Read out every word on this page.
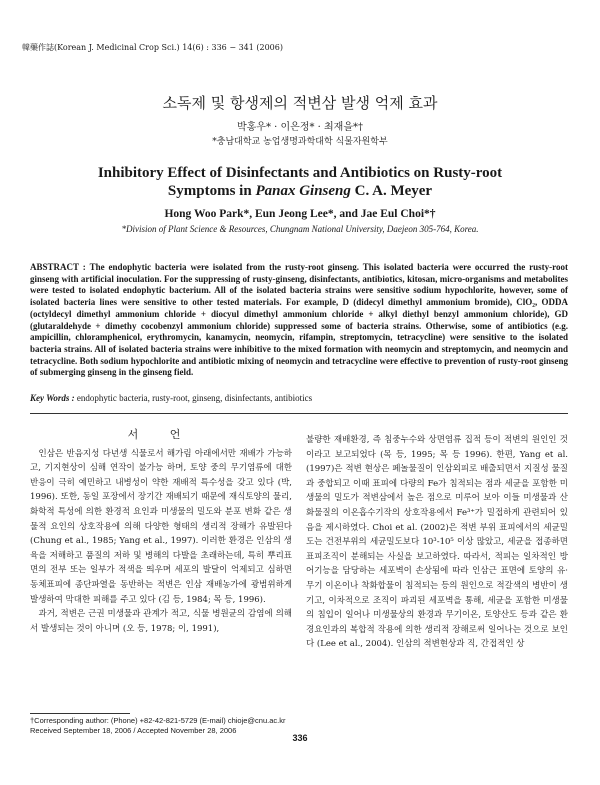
韓藥作誌(Korean J. Medicinal Crop Sci.) 14(6) : 336 − 341 (2006)
소독제 및 항생제의 적변삼 발생 억제 효과
박홍우* · 이은정* · 최재을*†
*충남대학교 농업생명과학대학 식물자원학부
Inhibitory Effect of Disinfectants and Antibiotics on Rusty-root
Symptoms in Panax Ginseng C. A. Meyer
Hong Woo Park*, Eun Jeong Lee*, and Jae Eul Choi*†
*Division of Plant Science & Resources, Chungnam National University, Daejeon 305-764, Korea.
ABSTRACT : The endophytic bacteria were isolated from the rusty-root ginseng. This isolated bacteria were occurred the rusty-root ginseng with artificial inoculation. For the suppressing of rusty-ginseng, disinfectants, antibiotics, kitosan, micro-organisms and metabolites were tested to isolated endophytic bacterium. All of the isolated bacteria strains were sensitive sodium hypochlorite, however, some of isolated bacteria lines were sensitive to other tested materials. For example, D (didecyl dimethyl ammonium bromide), ClO₂, ODDA (octyldecyl dimethyl ammonium chloride + diocyul dimethyl ammonium chloride + alkyl diethyl benzyl ammonium chloride), GD (glutaraldehyde + dimethy cocobenzyl ammonium chloride) suppressed some of bacteria strains. Otherwise, some of antibiotics (e.g. ampicillin, chloramphenicol, erythromycin, kanamycin, neomycin, rifampin, streptomycin, tetracycline) were sensitive to the isolated bacteria strains. All of isolated bacteria strains were inhibitive to the mixed formation with neomycin and streptomycin, and neomycin and tetracycline. Both sodium hypochlorite and antibiotic mixing of neomycin and tetracycline were effective to prevention of rusty-root ginseng of submerging ginseng in the ginseng field.
Key Words : endophytic bacteria, rusty-root, ginseng, disinfectants, antibiotics
서 언

인삼은 반음지성 다년생 식물로서 해가림 아래에서만 재배가 가능하고, 기지현상이 심해 연작이 불가능 하며, 토양 중의 무기염류에 대한 반응이 극히 예민하고 내병성이 약한 재배적 특수성을 갖고 있다 (박, 1996). 또한, 동일 포장에서 장기간 재배되기 때문에 재식토양의 물리, 화학적 특성에 의한 환경적 요인과 미생물의 밀도와 분포 변화 같은 생물적 요인의 상호작용에 의해 다양한 형태의 생리적 장해가 유발된다 (Chung et al., 1985; Yang et al., 1997). 이러한 환경은 인삼의 생육을 저해하고 품질의 저하 및 병해의 다발을 초래하는데, 특히 뿌리표면의 전부 또는 일부가 적색을 띄우며 세포의 발달이 억제되고 심하면 동체표피에 종단파열을 동반하는 적변은 인삼 재배농가에 광범위하게 발생하여 막대한 피해를 주고 있다 (김 등, 1984; 목 등, 1996).

과거, 적변은 근권 미생물과 관계가 적고, 식물 병원균의 감염에 의해서 발생되는 것이 아니며 (오 등, 1978; 이, 1991),

불량한 재배환경, 즉 침중누수와 상면염류 집적 등이 적변의 원인인 것이라고 보고되었다 (목 등, 1995; 목 등 1996). 한편, Yang et al. (1997)은 적변 현상은 페놀물질이 인삼외피로 배출되면서 지질성 물질과 중합되고 이때 표피에 다량의 Fe가 침적되는 점과 세균을 포함한 미생물의 밀도가 적변삼에서 높은 점으로 미루어 보아 이들 미생물과 산화물질의 이온흡수기작의 상호작용에서 Fe³⁺가 밀접하게 관련되어 있음을 제시하였다. Choi et al. (2002)은 적변 부위 표피에서의 세균밀도는 건전부위의 세균밀도보다 10³-10⁵ 이상 많았고, 세균을 접종하면 표피조직이 분해되는 사실을 보고하였다. 따라서, 적피는 일차적인 방어기능을 담당하는 세포벽이 손상됨에 따라 인삼근 표면에 토양의 유·무기 이온이나 착화합물이 침적되는 등의 원인으로 적갈색의 병반이 생기고, 이차적으로 조직이 파괴된 세포벽을 통해, 세균을 포함한 미생물의 침입이 일어나 미생물상의 환경과 무기이온, 토양산도 등과 같은 환경요인과의 복합적 작용에 의한 생리적 장해로써 일어나는 것으로 보인다 (Lee et al., 2004). 인삼의 적변현상과 직, 간접적인 상

†Corresponding author: (Phone) +82-42-821-5729 (E-mail) chioje@cnu.ac.kr
Received September 18, 2006 / Accepted November 28, 2006
336
